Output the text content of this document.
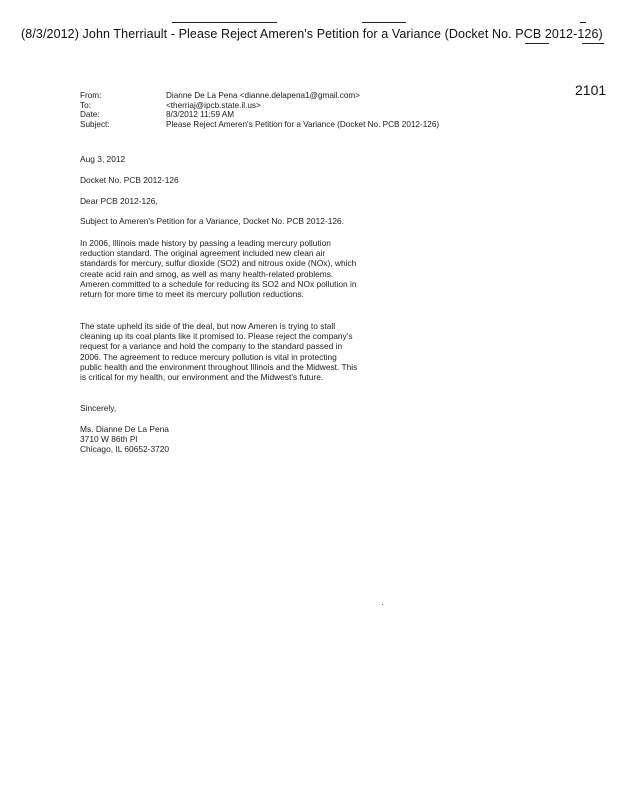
(8/3/2012) John Therriault - Please Reject Ameren's Petition for a Variance (Docket No. PCB 2012-126)
2101
From:	Dianne De La Pena <dianne.delapena1@gmail.com>
To:	<therriaj@ipcb.state.il.us>
Date:	8/3/2012 11:59 AM
Subject:	Please Reject Ameren's Petition for a Variance (Docket No. PCB 2012-126)
Aug 3, 2012
Docket No. PCB 2012-126
Dear PCB 2012-126,
Subject to Ameren's Petition for a Variance, Docket No. PCB 2012-126.

In 2006, Illinois made history by passing a leading mercury pollution reduction standard. The original agreement included new clean air standards for mercury, sulfur dioxide (SO2) and nitrous oxide (NOx), which create acid rain and smog, as well as many health-related problems. Ameren committed to a schedule for reducing its SO2 and NOx pollution in return for more time to meet its mercury pollution reductions.

The state upheld its side of the deal, but now Ameren is trying to stall cleaning up its coal plants like it promised to. Please reject the company's request for a variance and hold the company to the standard passed in 2006. The agreement to reduce mercury pollution is vital in protecting public health and the environment throughout Illinois and the Midwest. This is critical for my health, our environment and the Midwest's future.

Sincerely,
Ms. Dianne De La Pena
3710 W 86th Pl
Chicago, IL 60652-3720
